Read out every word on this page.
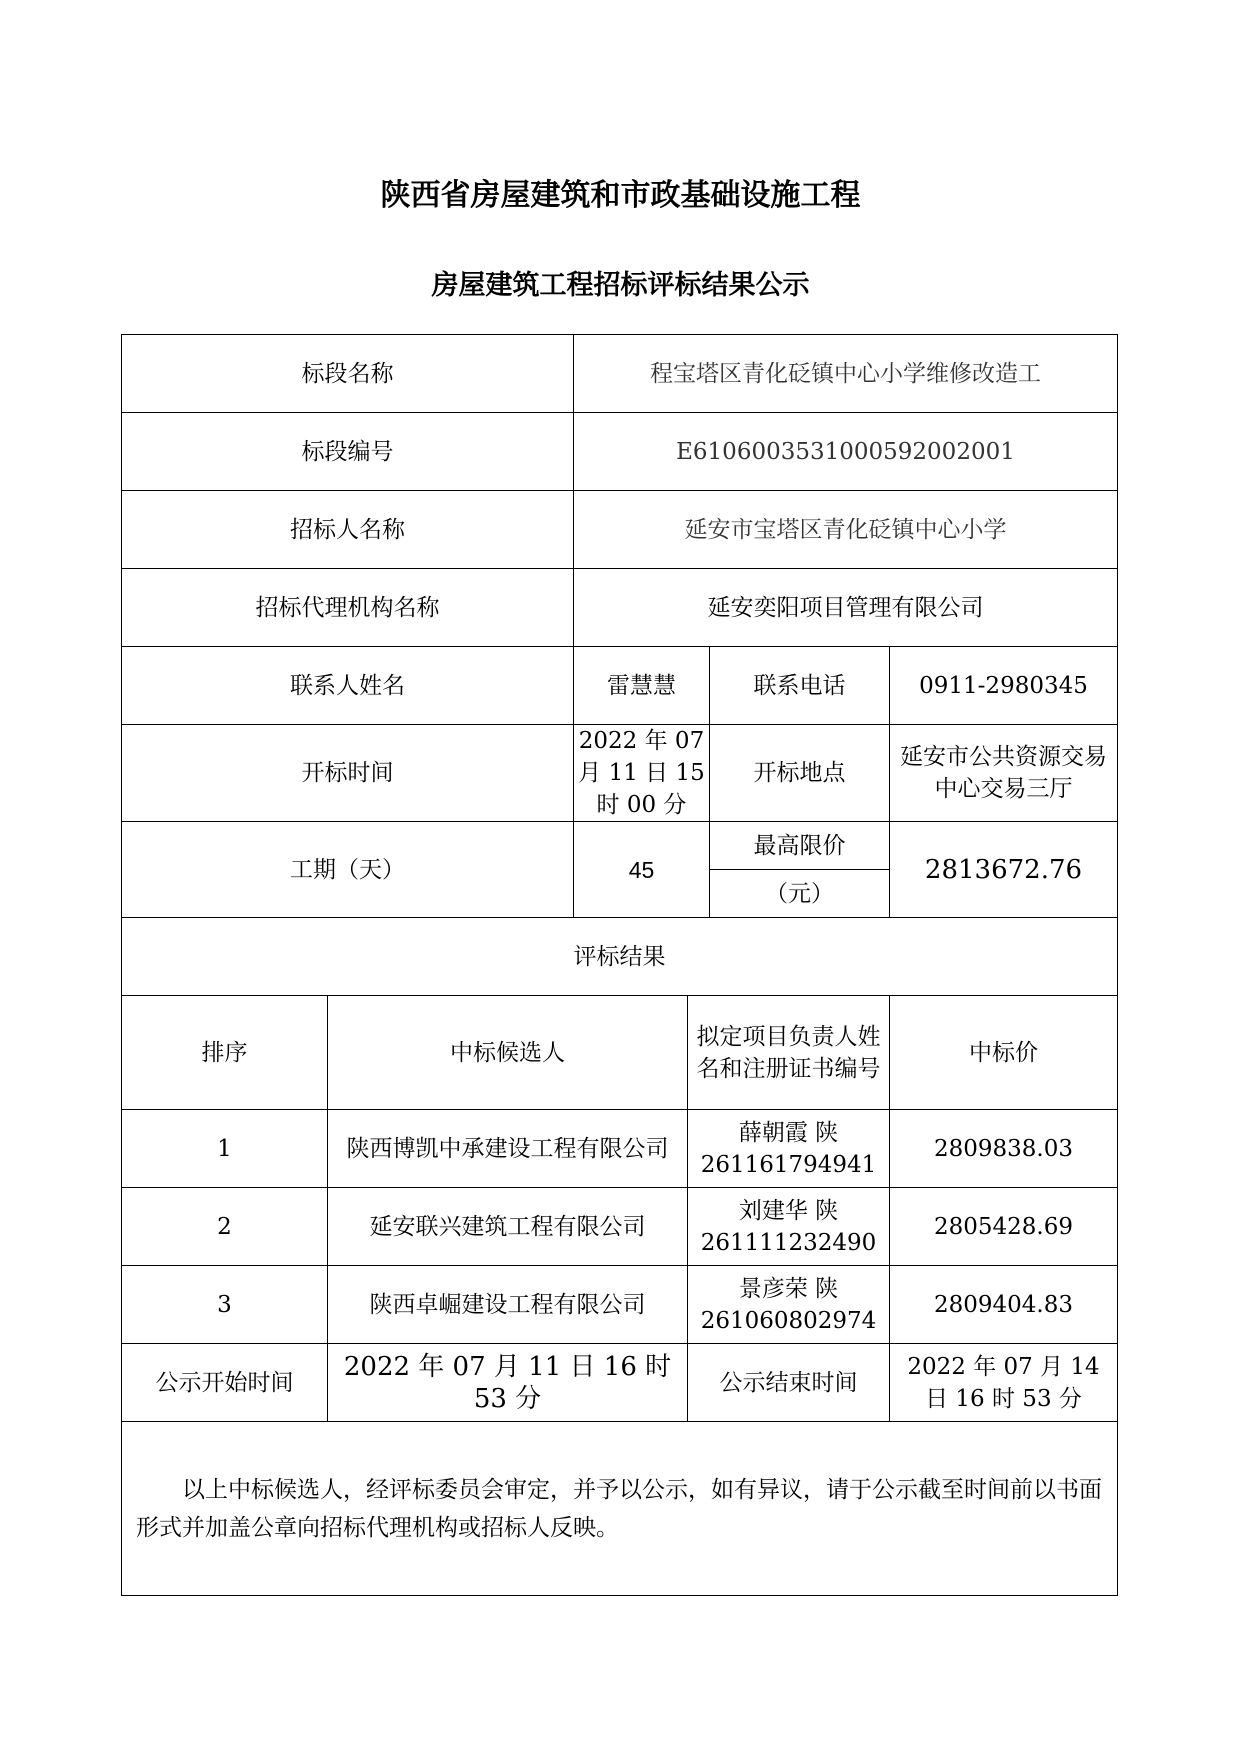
陕西省房屋建筑和市政基础设施工程
房屋建筑工程招标评标结果公示
标段名称		程宝塔区青化砭镇中心小学维修改造工			
标段编号		E6106003531000592002001			
招标人名称		延安市宝塔区青化砭镇中心小学			
招标代理机构名称		延安奕阳项目管理有限公司			
联系人姓名		雷慧慧		联系电话	0911-2980345
开标时间		2022 年 07 月 11 日 15 时 00 分		开标地点	延安市公共资源交易中心交易三厅
工期（天）		45		最高限价	2813672.76
				（元）	
评标结果					
排序	中标候选人		拟定项目负责人姓名和注册证书编号		中标价
1	陕西博凯中承建设工程有限公司		薛朝霞 陕 261161794941		2809838.03
2	延安联兴建筑工程有限公司		刘建华 陕 261111232490		2805428.69
3	陕西卓崛建设工程有限公司		景彦荣 陕 261060802974		2809404.83
公示开始时间	2022 年 07 月 11 日 16 时 53 分		公示结束时间		2022 年 07 月 14 日 16 时 53 分

以上中标候选人，经评标委员会审定，并予以公示，如有异议，请于公示截至时间前以书面形式并加盖公章向招标代理机构或招标人反映。					
